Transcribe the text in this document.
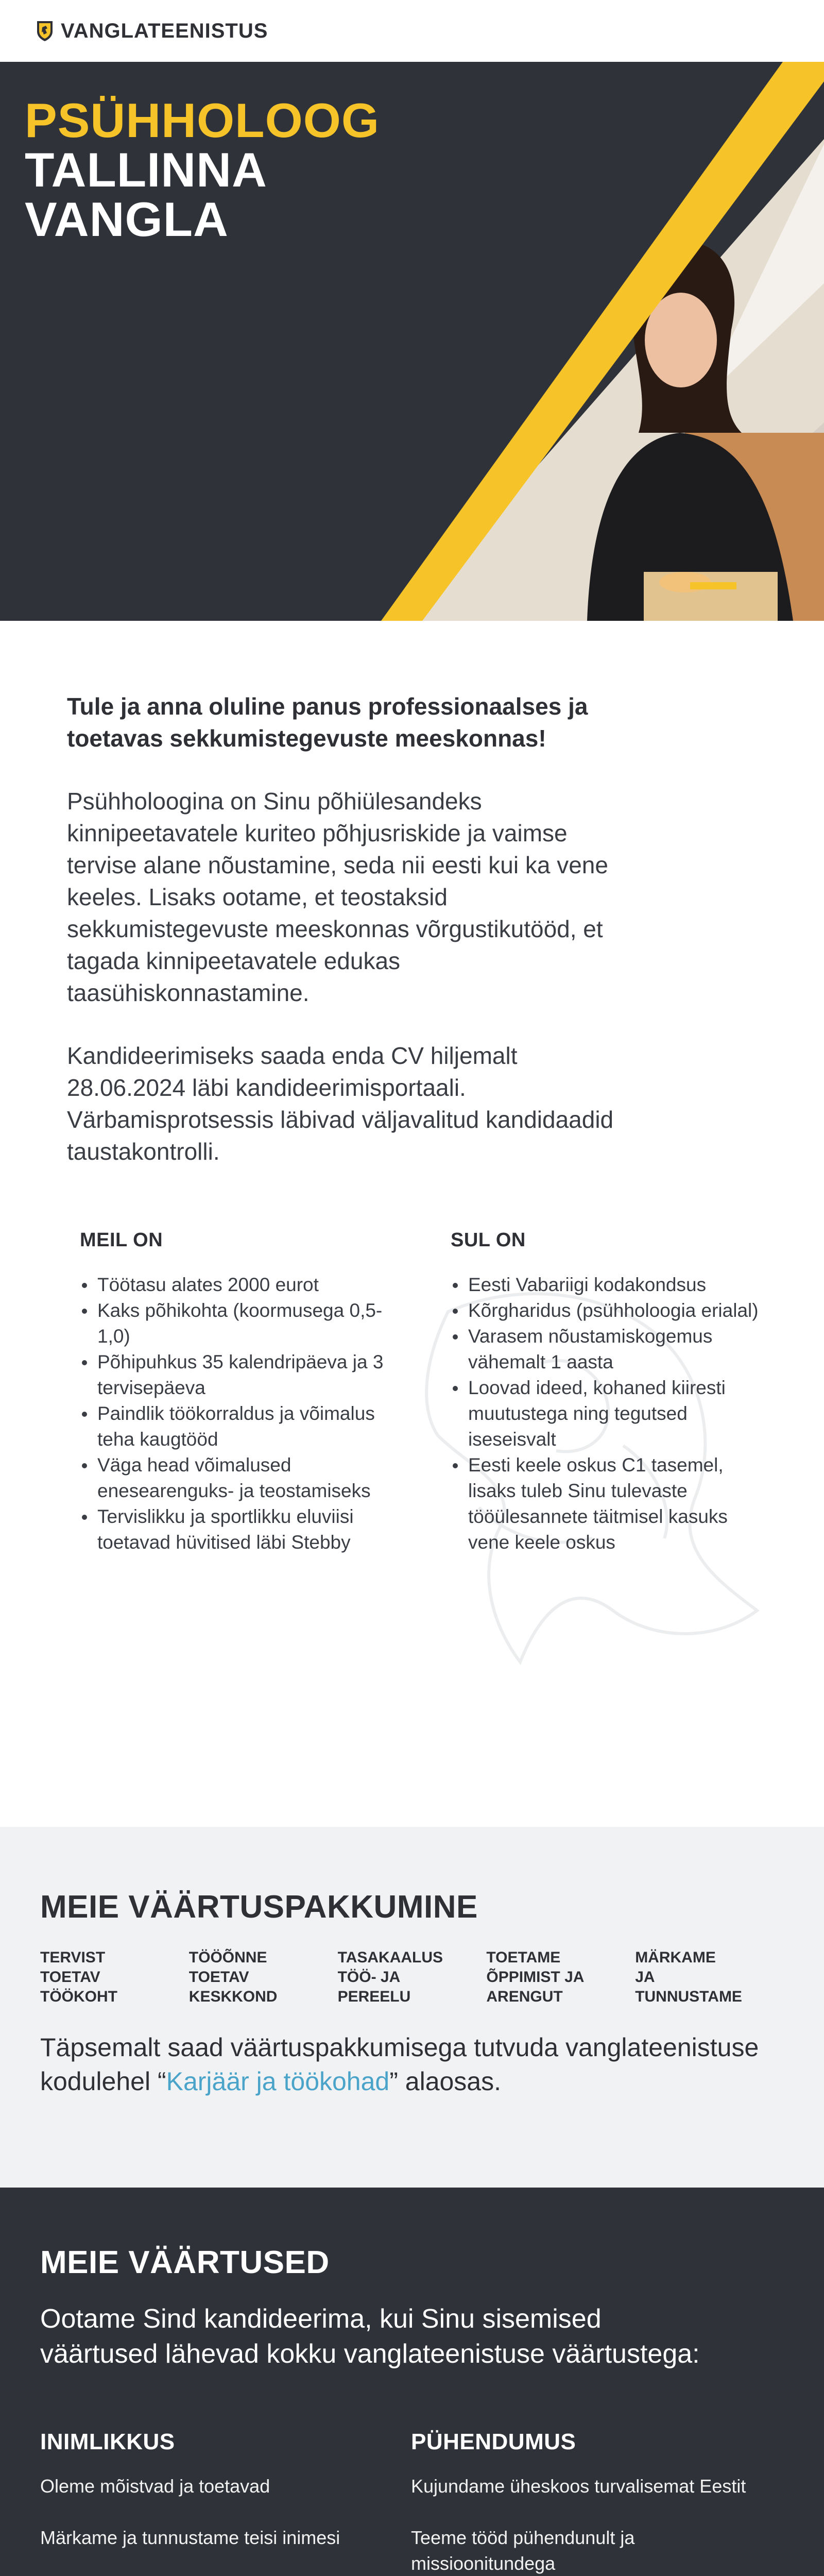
VANGLATEENISTUS
PSÜHHOLOOG
TALLINNA
VANGLA

Tule ja anna oluline panus professionaalses ja toetavas sekkumistegevuste meeskonnas!

Psühholoogina on Sinu põhiülesandeks kinnipeetavatele kuriteo põhjusriskide ja vaimse tervise alane nõustamine, seda nii eesti kui ka vene keeles. Lisaks ootame, et teostaksid sekkumistegevuste meeskonnas võrgustikutööd, et tagada kinnipeetavatele edukas taasühiskonnastamine.

Kandideerimiseks saada enda CV hiljemalt 28.06.2024 läbi kandideerimisportaali. Värbamisprotsessis läbivad väljavalitud kandidaadid taustakontrolli.

MEIL ON
Töötasu alates 2000 eurot
Kaks põhikohta (koormusega 0,5-1,0)
Põhipuhkus 35 kalendripäeva ja 3 tervisepäeva
Paindlik töökorraldus ja võimalus teha kaugtööd
Väga head võimalused enesearenguks- ja teostamiseks
Tervislikku ja sportlikku eluviisi toetavad hüvitised läbi Stebby
SUL ON
Eesti Vabariigi kodakondsus
Kõrgharidus (psühholoogia erialal)
Varasem nõustamiskogemus vähemalt 1 aasta
Loovad ideed, kohaned kiiresti muutustega ning tegutsed iseseisvalt
Eesti keele oskus C1 tasemel, lisaks tuleb Sinu tulevaste tööülesannete täitmisel kasuks vene keele oskus
MEIE VÄÄRTUSPAKKUMINE
TERVIST
TOETAV
TÖÖKOHT
TÖÖÕNNE
TOETAV
KESKKOND
TASAKAALUS
TÖÖ- JA
PEREELU
TOETAME
ÕPPIMIST JA
ARENGUT
MÄRKAME
JA
TUNNUSTAME

Täpsemalt saad väärtuspakkumisega tutvuda vanglateenistuse kodulehel “Karjäär ja töökohad” alaosas.

MEIE VÄÄRTUSED

Ootame Sind kandideerima, kui Sinu sisemised väärtused lähevad kokku vanglateenistuse väärtustega:

INIMLIKKUS

Oleme mõistvad ja toetavad

Märkame ja tunnustame teisi inimesi

PÜHENDUMUS

Kujundame üheskoos turvalisemat Eestit

Teeme tööd pühendunult ja missioonitundega
